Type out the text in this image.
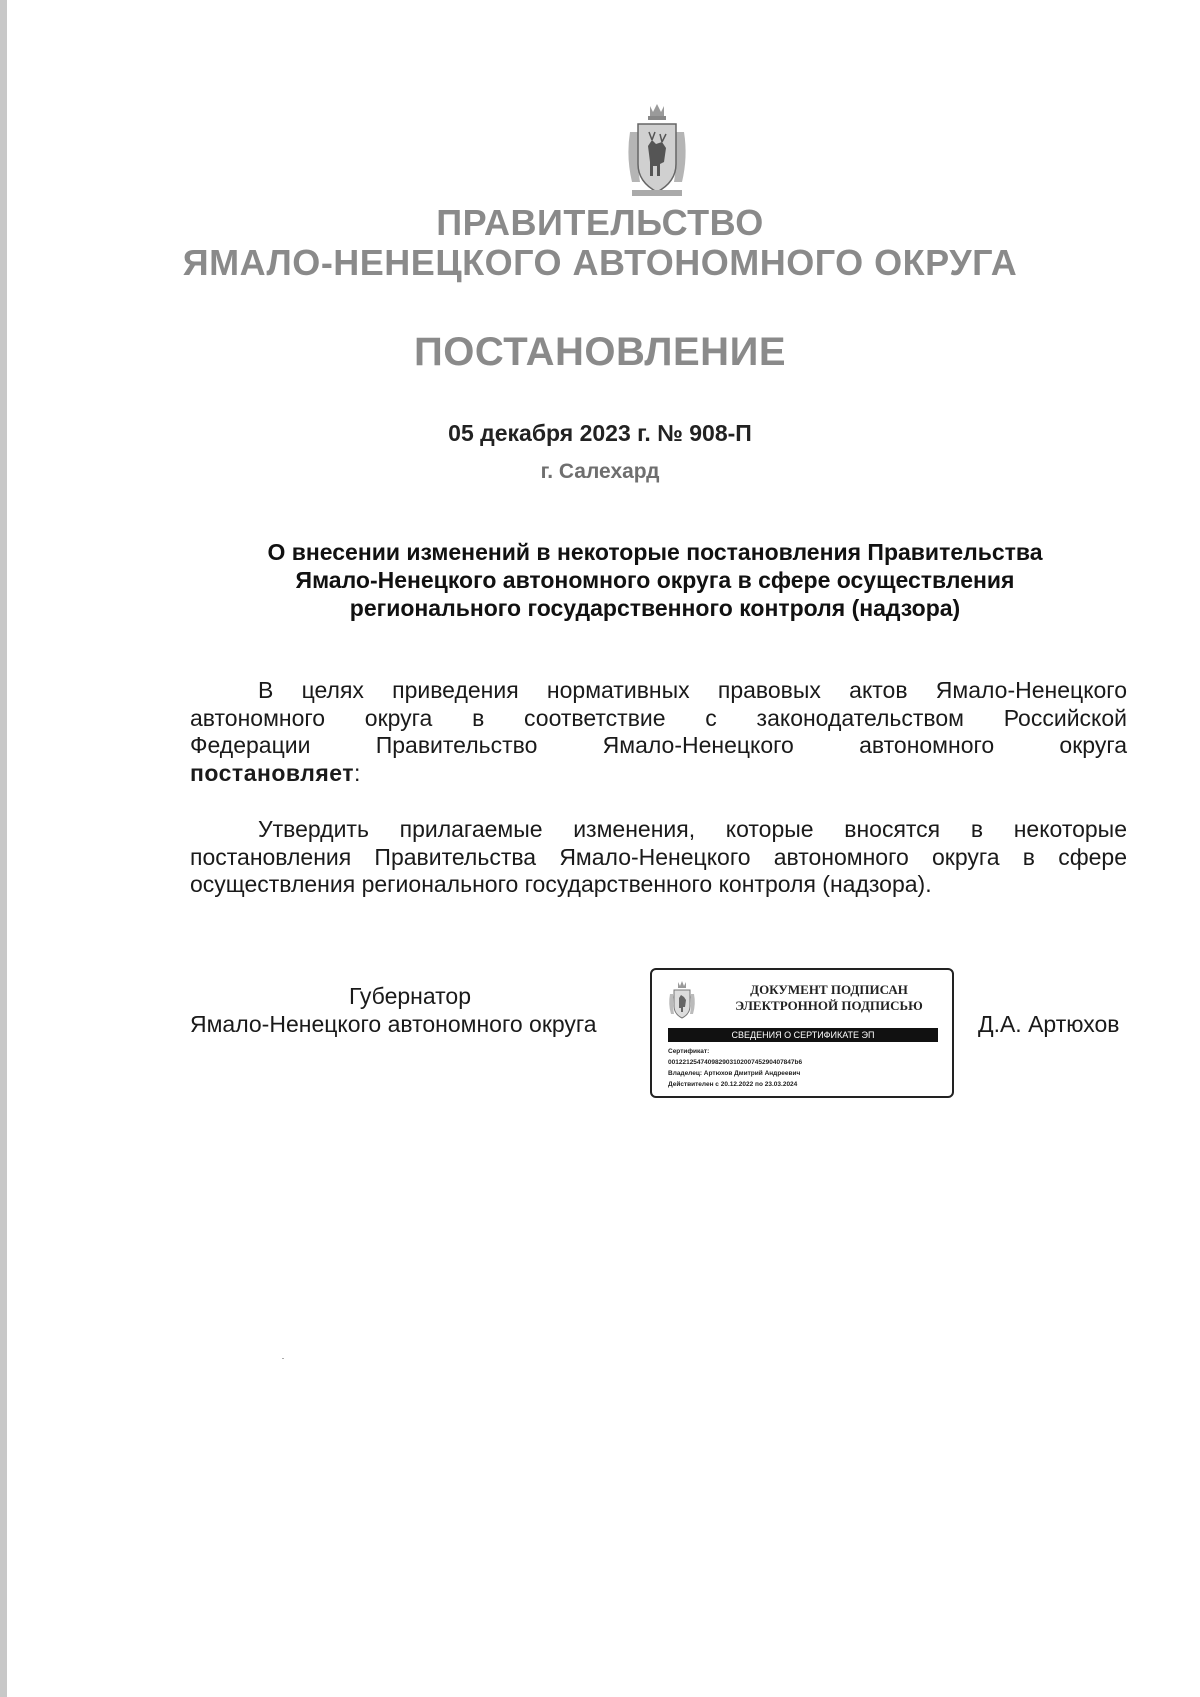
ПРАВИТЕЛЬСТВО
ЯМАЛО-НЕНЕЦКОГО АВТОНОМНОГО ОКРУГА
ПОСТАНОВЛЕНИЕ
05 декабря 2023 г. № 908-П
г. Салехард
О внесении изменений в некоторые постановления Правительства
Ямало-Ненецкого автономного округа в сфере осуществления
регионального государственного контроля (надзора)
В целях приведения нормативных правовых актов Ямало-Ненецкого
автономного округа в соответствие с законодательством Российской
Федерации Правительство Ямало-Ненецкого автономного округа
постановляет:
Утвердить прилагаемые изменения, которые вносятся в некоторые
постановления Правительства Ямало-Ненецкого автономного округа в сфере
осуществления регионального государственного контроля (надзора).
Губернатор
Ямало-Ненецкого автономного округа
ДОКУМЕНТ ПОДПИСАН
ЭЛЕКТРОННОЙ ПОДПИСЬЮ
СВЕДЕНИЯ О СЕРТИФИКАТЕ ЭП
Сертификат:
00122125474098290310200745290407847b6
Владелец: Артюхов Дмитрий Андреевич
Действителен с 20.12.2022 по 23.03.2024
Д.А. Артюхов
